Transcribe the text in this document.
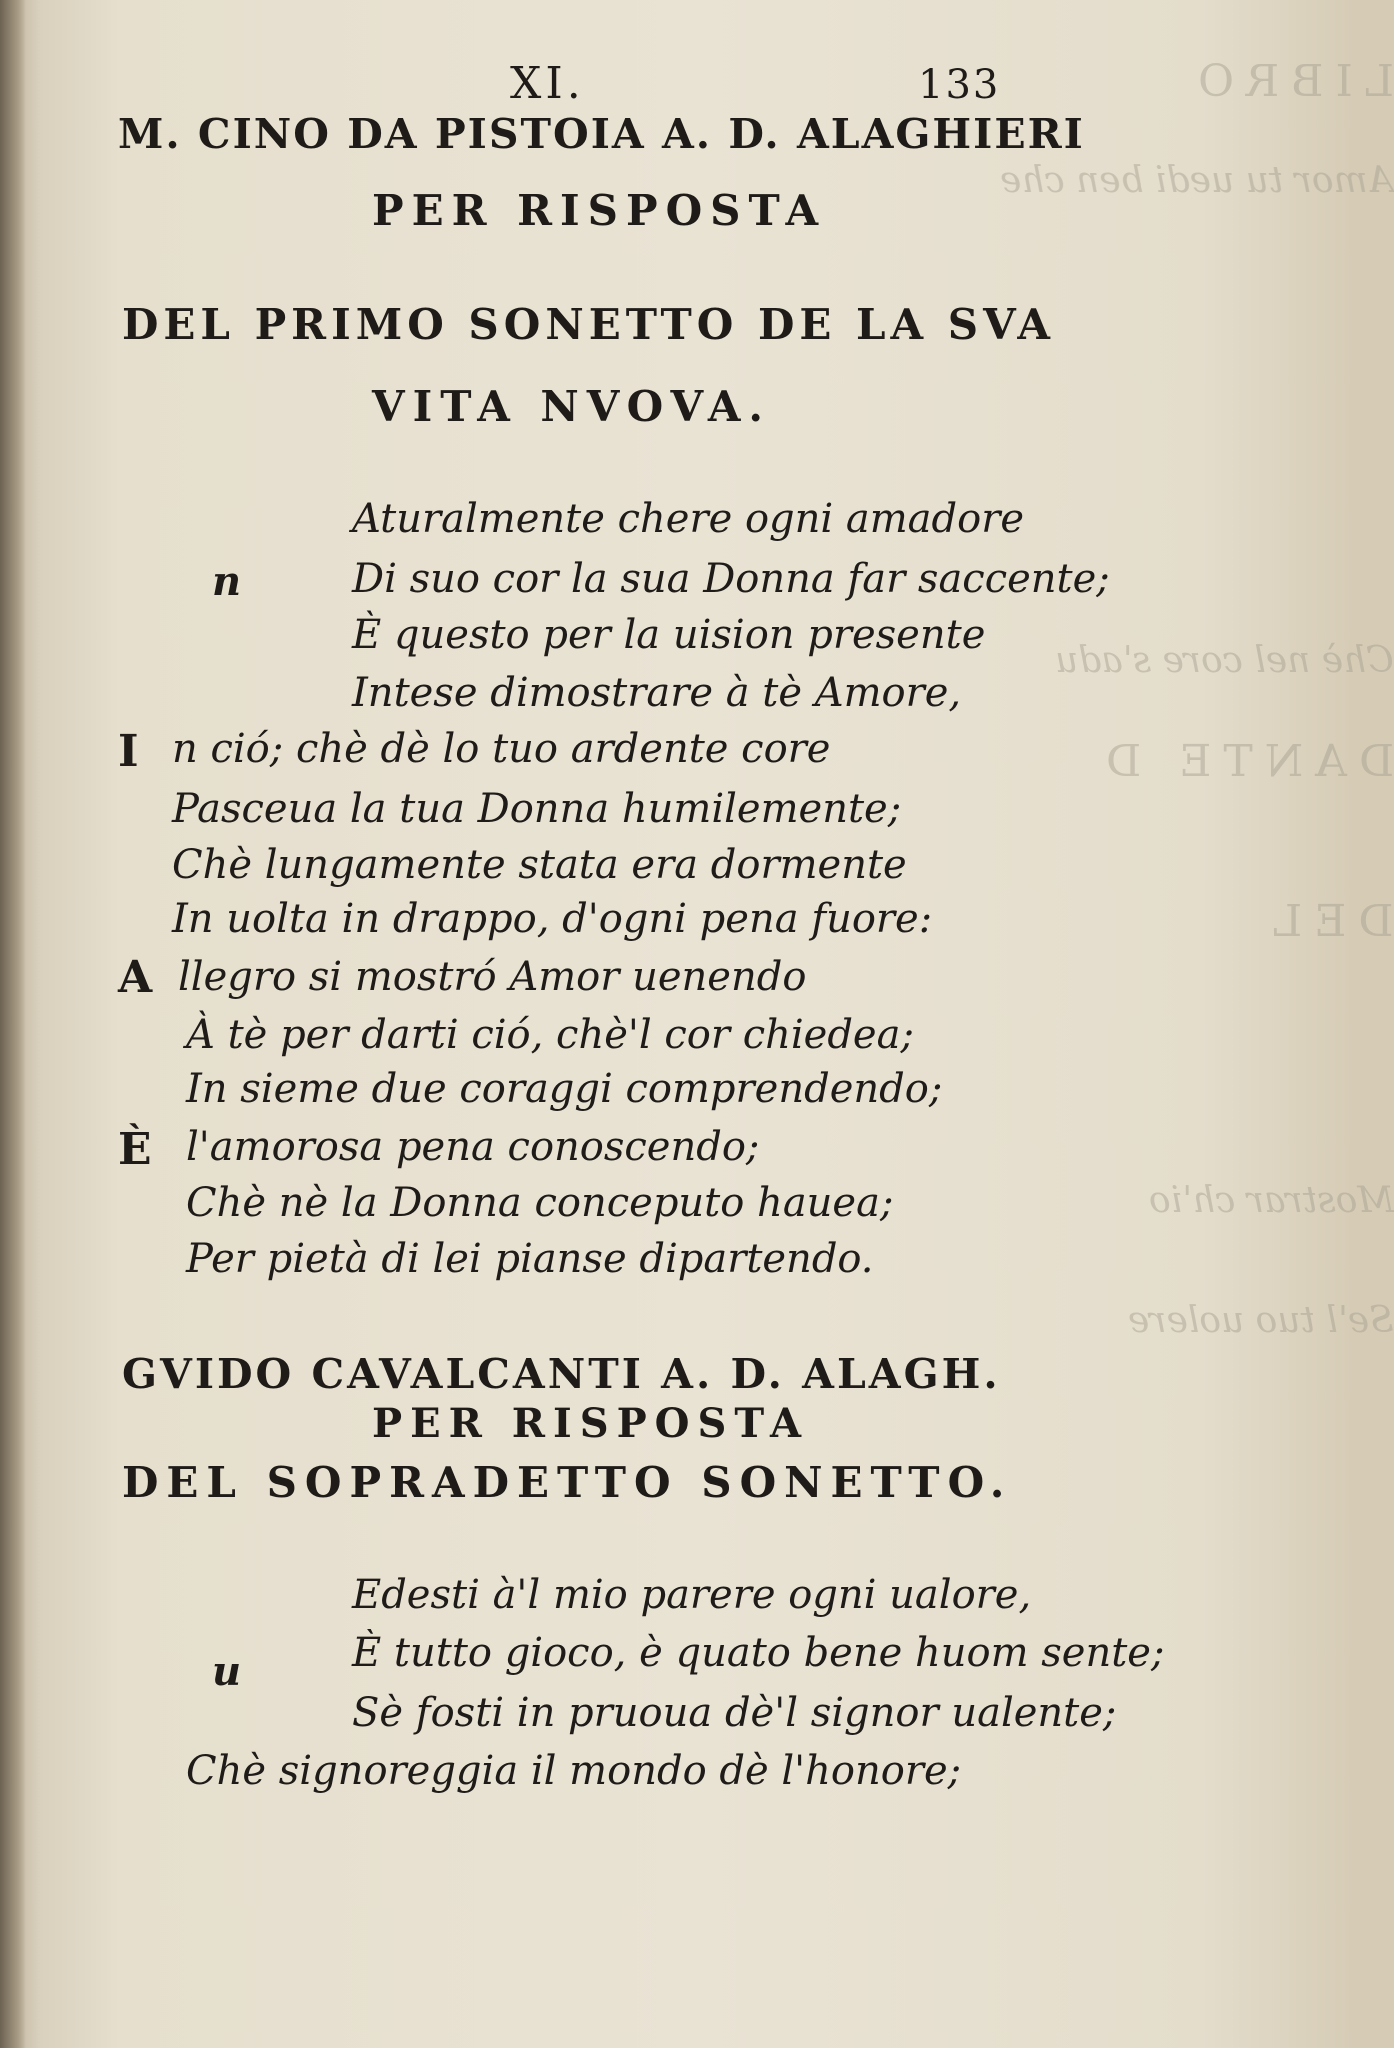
LIBRO
Amor tu uedi ben che
Chè nel core s'adu
DANTE D
DEL
Mostrar ch'io
Se'l tuo uolere
XI.	133
M. CINO DA PISTOIA A. D. ALAGHIERI
PER RISPOSTA
DEL PRIMO SONETTO DE LA SVA
VITA NVOVA.
n
Aturalmente chere ogni amadore
Di suo cor la sua Donna far saccente;
È questo per la uision presente
Intese dimostrare à tè Amore,
I n ció; chè dè lo tuo ardente core
Pasceua la tua Donna humilemente;
Chè lungamente stata era dormente
In uolta in drappo, d'ogni pena fuore:
A llegro si mostró Amor uenendo
À tè per darti ció, chè'l cor chiedea;
In sieme due coraggi comprendendo;
È l'amorosa pena conoscendo;
Chè nè la Donna conceputo hauea;
Per pietà di lei pianse dipartendo.
GVIDO CAVALCANTI A. D. ALAGH.
PER RISPOSTA
DEL SOPRADETTO SONETTO.
u
Edesti à'l mio parere ogni ualore,
È tutto gioco, è quato bene huom sente;
Sè fosti in pruoua dè'l signor ualente;
Chè signoreggia il mondo dè l'honore;
